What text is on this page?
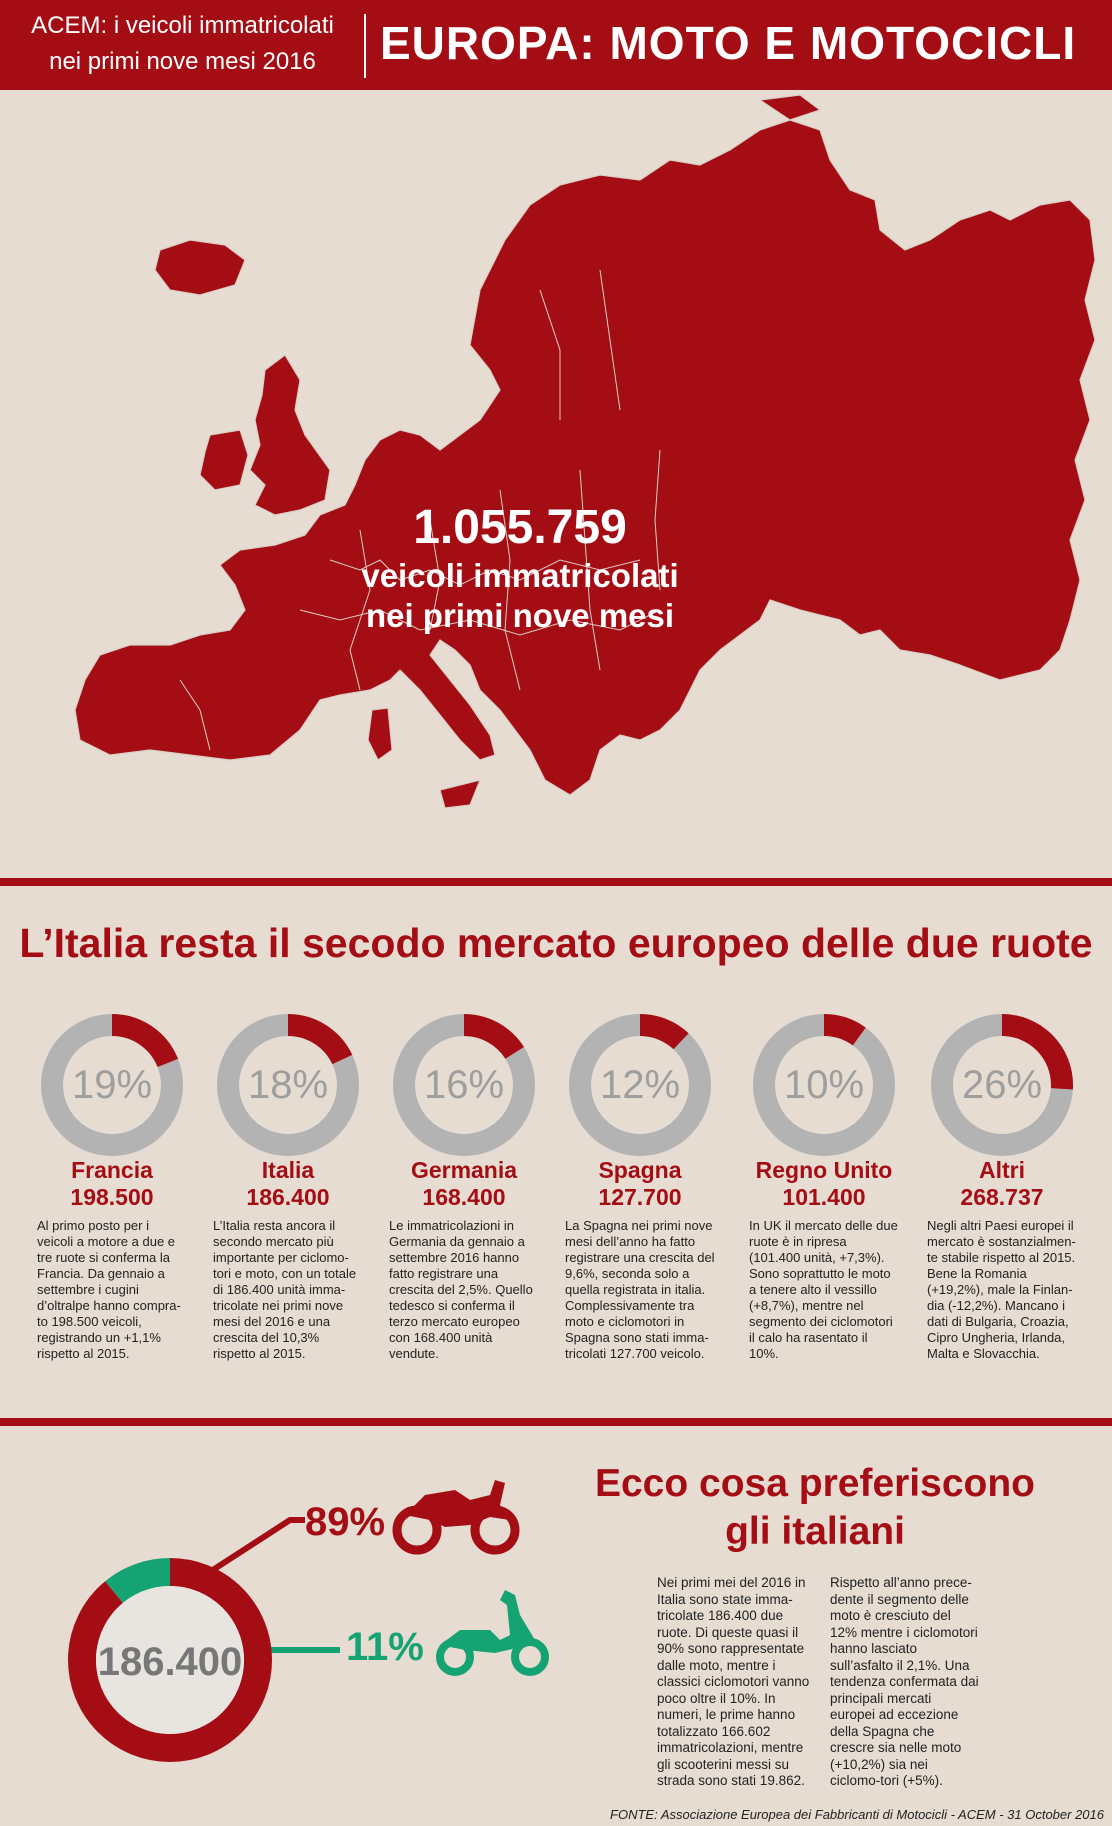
ACEM: i veicoli immatricolati
nei primi nove mesi 2016	EUROPA: MOTO E MOTOCICLI
1.055.759
veicoli immatricolati
nei primi nove mesi
L’Italia resta il secodo mercato europeo delle due ruote
19%
Francia
198.500
Al primo posto per i veicoli a motore a due e tre ruote si conferma la Francia. Da gennaio a settembre i cugini d’oltralpe hanno compra-to 198.500 veicoli, registrando un +1,1% rispetto al 2015.
18%
Italia
186.400
L’Italia resta ancora il secondo mercato più importante per ciclomo-tori e moto, con un totale di 186.400 unità imma-tricolate nei primi nove mesi del 2016 e una crescita del 10,3% rispetto al 2015.
16%
Germania
168.400
Le immatricolazioni in Germania da gennaio a settembre 2016 hanno fatto registrare una crescita del 2,5%. Quello tedesco si conferma il terzo mercato europeo con 168.400 unità vendute.
12%
Spagna
127.700
La Spagna nei primi nove mesi dell’anno ha fatto registrare una crescita del 9,6%, seconda solo a quella registrata in italia. Complessivamente tra moto e ciclomotori in Spagna sono stati imma-tricolati 127.700 veicolo.
10%
Regno Unito
101.400
In UK il mercato delle due ruote è in ripresa (101.400 unità, +7,3%). Sono soprattutto le moto a tenere alto il vessillo (+8,7%), mentre nel segmento dei ciclomotori il calo ha rasentato il 10%.
26%
Altri
268.737
Negli altri Paesi europei il mercato è sostanzialmen-te stabile rispetto al 2015. Bene la Romania (+19,2%), male la Finlan-dia (-12,2%). Mancano i dati di Bulgaria, Croazia, Cipro Ungheria, Irlanda, Malta e Slovacchia.
89%
11%
186.400
Ecco cosa preferiscono
gli italiani
Nei primi mei del 2016 in Italia sono state imma-tricolate 186.400 due ruote. Di queste quasi il 90% sono rappresentate dalle moto, mentre i classici ciclomotori vanno poco oltre il 10%. In numeri, le prime hanno totalizzato 166.602 immatricolazioni, mentre gli scooterini messi su strada sono stati 19.862.
Rispetto all’anno prece-dente il segmento delle moto è cresciuto del 12% mentre i ciclomotori hanno lasciato sull’asfalto il 2,1%. Una tendenza confermata dai principali mercati europei ad eccezione della Spagna che crescre sia nelle moto (+10,2%) sia nei ciclomo-tori (+5%).
FONTE: Associazione Europea dei Fabbricanti di Motocicli - ACEM - 31 October 2016
